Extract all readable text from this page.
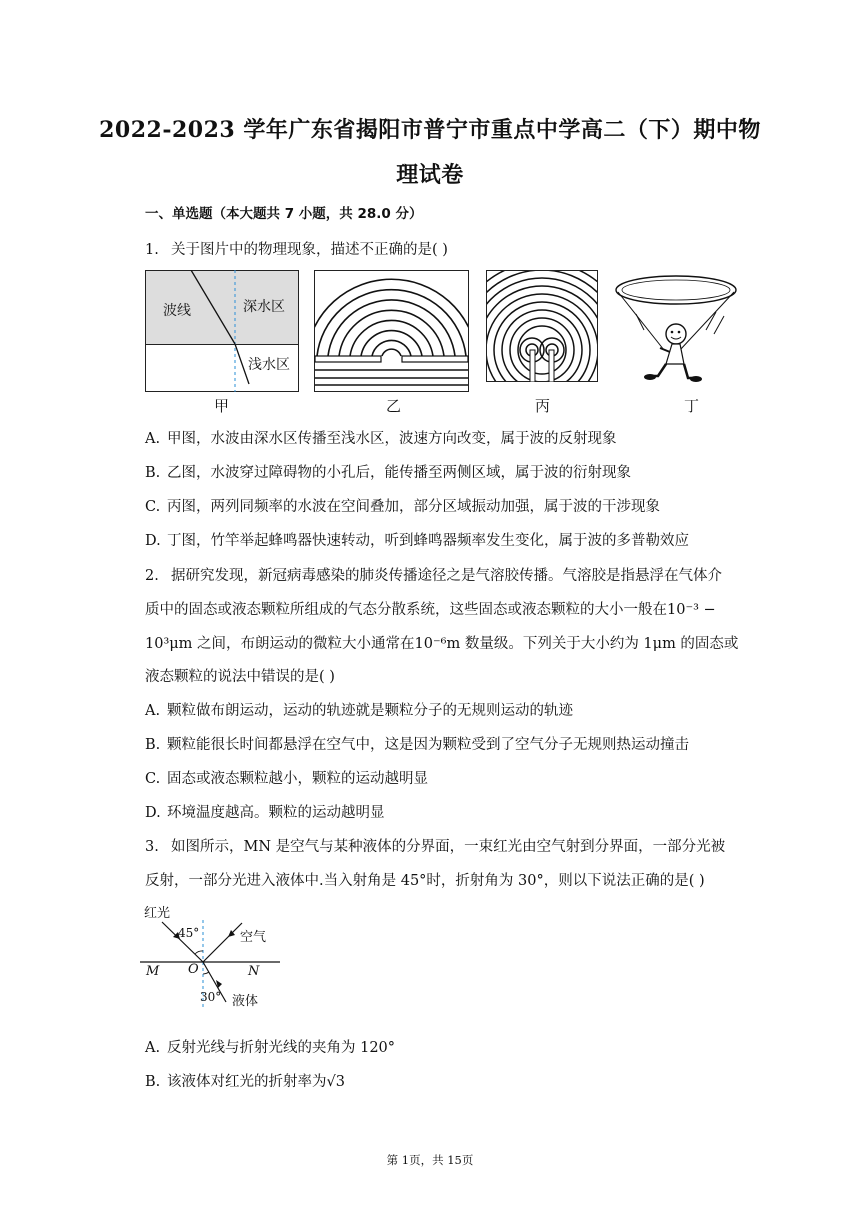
2022-2023 学年广东省揭阳市普宁市重点中学高二（下）期中物
理试卷
一、单选题（本大题共 7 小题，共 28.0 分）
1. 关于图片中的物理现象，描述不正确的是( )
波线	深水区
浅水区
甲	乙	丙	丁
A. 甲图，水波由深水区传播至浅水区，波速方向改变，属于波的反射现象
B. 乙图，水波穿过障碍物的小孔后，能传播至两侧区域，属于波的衍射现象
C. 丙图，两列同频率的水波在空间叠加，部分区域振动加强，属于波的干涉现象
D. 丁图，竹竿举起蜂鸣器快速转动，听到蜂鸣器频率发生变化，属于波的多普勒效应
2. 据研究发现，新冠病毒感染的肺炎传播途径之是气溶胶传播。气溶胶是指悬浮在气体介
质中的固态或液态颗粒所组成的气态分散系统，这些固态或液态颗粒的大小一般在10⁻³ −
10³μm 之间，布朗运动的微粒大小通常在10⁻⁶m 数量级。下列关于大小约为 1μm 的固态或
液态颗粒的说法中错误的是( )
A. 颗粒做布朗运动，运动的轨迹就是颗粒分子的无规则运动的轨迹
B. 颗粒能很长时间都悬浮在空气中，这是因为颗粒受到了空气分子无规则热运动撞击
C. 固态或液态颗粒越小，颗粒的运动越明显
D. 环境温度越高。颗粒的运动越明显
3. 如图所示，MN 是空气与某种液体的分界面，一束红光由空气射到分界面，一部分光被
反射，一部分光进入液体中.当入射角是 45°时，折射角为 30°，则以下说法正确的是( )
红光
45°	空气
M O	N
30° 液体
A. 反射光线与折射光线的夹角为 120°
B. 该液体对红光的折射率为√3
第 1页，共 15页
